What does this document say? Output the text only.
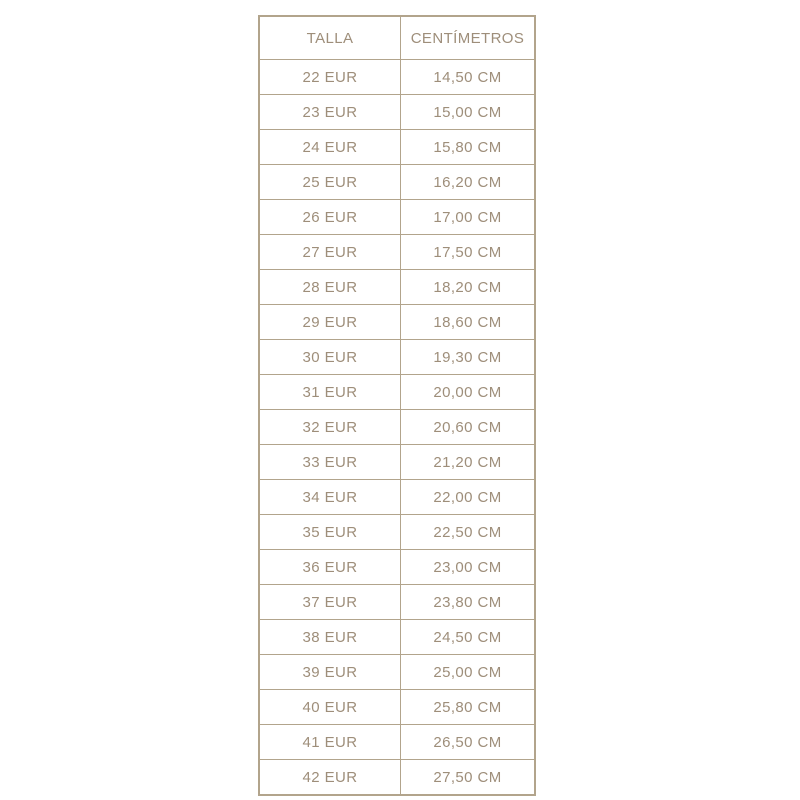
TALLA	CENTÍMETROS
22 EUR	14,50 CM
23 EUR	15,00 CM
24 EUR	15,80 CM
25 EUR	16,20 CM
26 EUR	17,00 CM
27 EUR	17,50 CM
28 EUR	18,20 CM
29 EUR	18,60 CM
30 EUR	19,30 CM
31 EUR	20,00 CM
32 EUR	20,60 CM
33 EUR	21,20 CM
34 EUR	22,00 CM
35 EUR	22,50 CM
36 EUR	23,00 CM
37 EUR	23,80 CM
38 EUR	24,50 CM
39 EUR	25,00 CM
40 EUR	25,80 CM
41 EUR	26,50 CM
42 EUR	27,50 CM
